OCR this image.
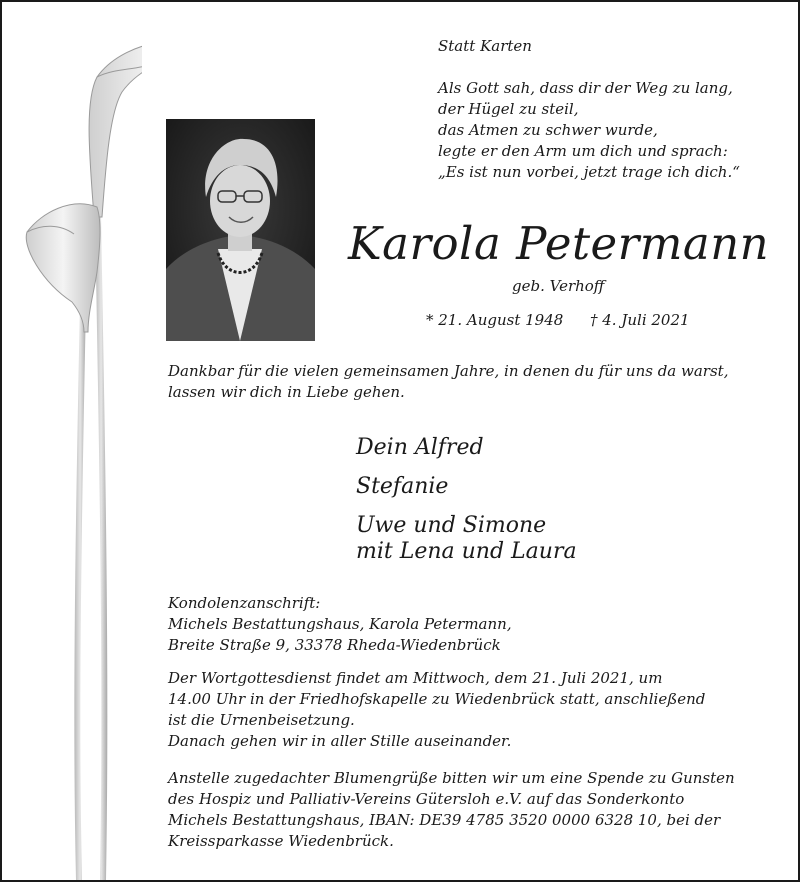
Statt Karten
Als Gott sah, dass dir der Weg zu lang,
der Hügel zu steil,
das Atmen zu schwer wurde,
legte er den Arm um dich und sprach:
„Es ist nun vorbei, jetzt trage ich dich.“
Karola Petermann
geb. Verhoff
* 21. August 1948 † 4. Juli 2021
Dankbar für die vielen gemeinsamen Jahre, in denen du für uns da warst,
lassen wir dich in Liebe gehen.
Dein Alfred
Stefanie
Uwe und Simone
mit Lena und Laura
Kondolenzanschrift:
Michels Bestattungshaus, Karola Petermann,
Breite Straße 9, 33378 Rheda-Wiedenbrück
Der Wortgottesdienst findet am Mittwoch, dem 21. Juli 2021, um
14.00 Uhr in der Friedhofskapelle zu Wiedenbrück statt, anschließend
ist die Urnenbeisetzung.
Danach gehen wir in aller Stille auseinander.
Anstelle zugedachter Blumengrüße bitten wir um eine Spende zu Gunsten
des Hospiz und Palliativ-Vereins Gütersloh e.V. auf das Sonderkonto
Michels Bestattungshaus, IBAN: DE39 4785 3520 0000 6328 10, bei der
Kreissparkasse Wiedenbrück.
